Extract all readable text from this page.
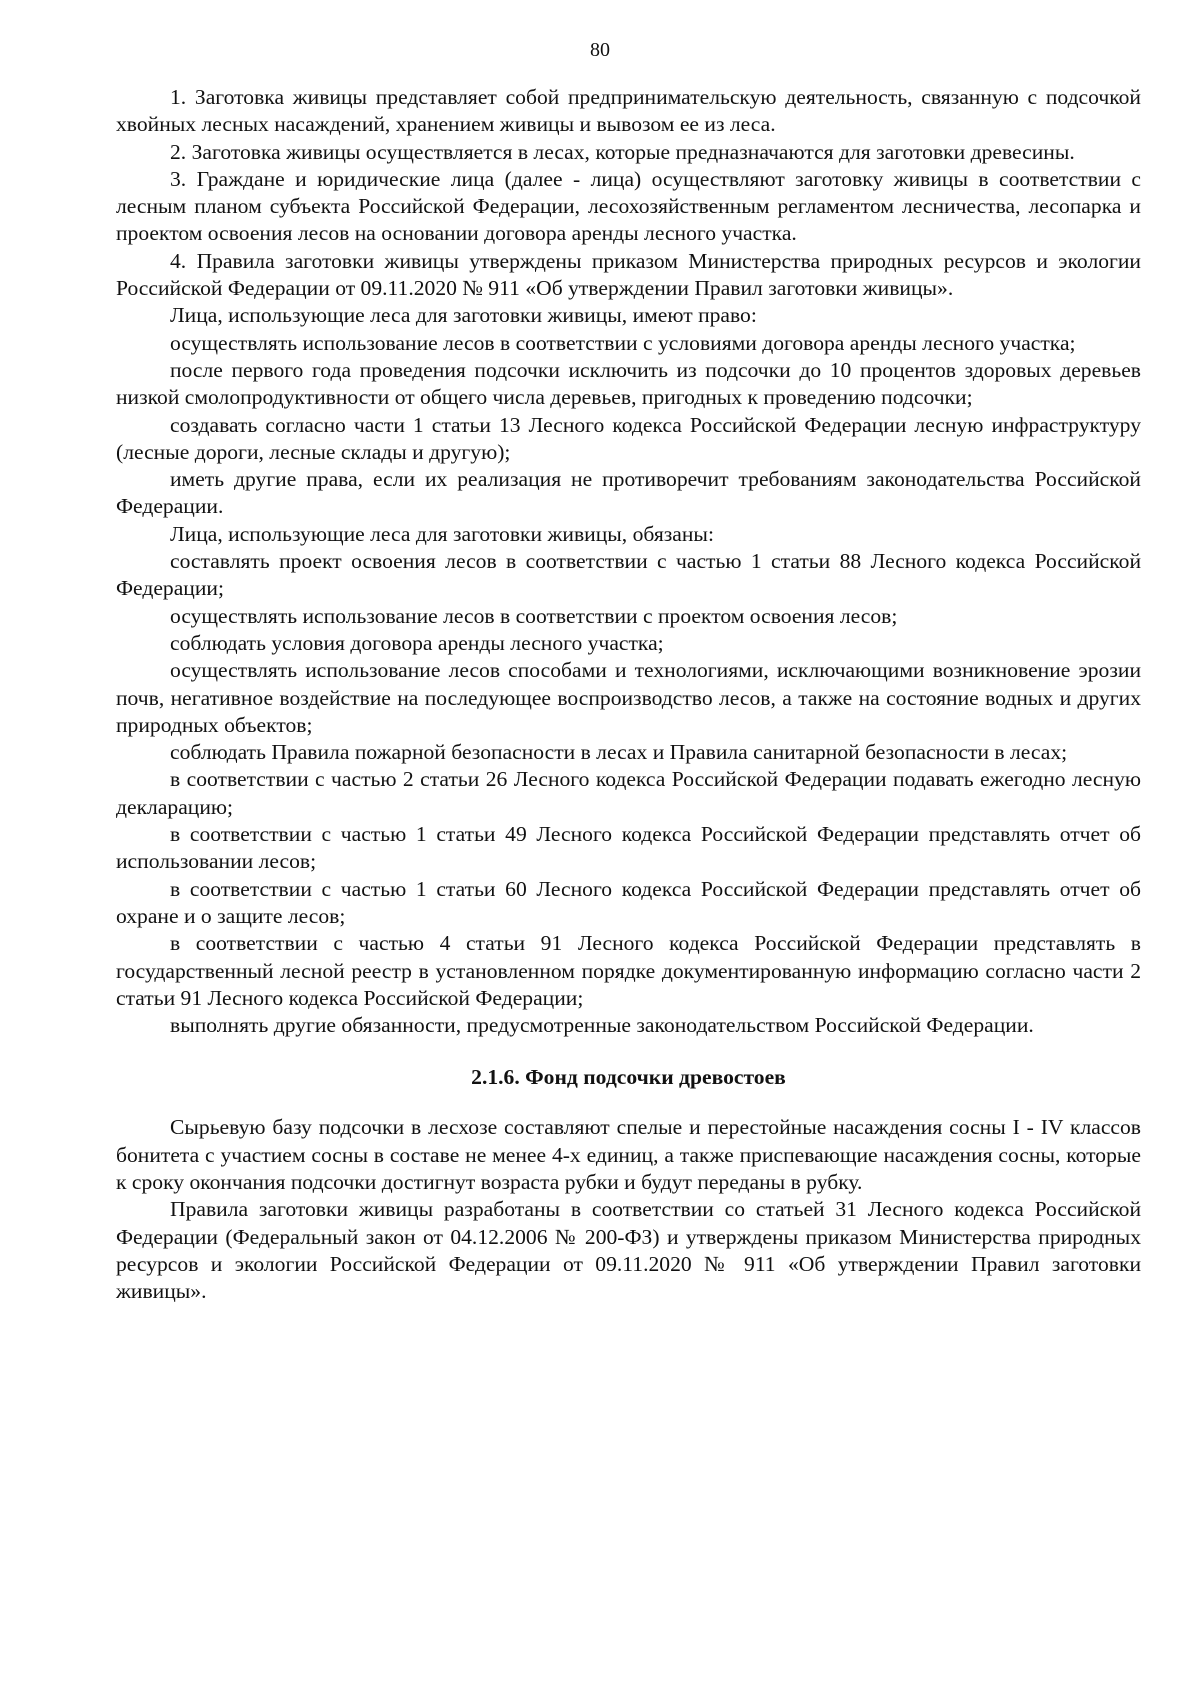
80

1. Заготовка живицы представляет собой предпринимательскую деятельность, связанную с подсочкой хвойных лесных насаждений, хранением живицы и вывозом ее из леса.

2. Заготовка живицы осуществляется в лесах, которые предназначаются для заготовки древесины.

3. Граждане и юридические лица (далее - лица) осуществляют заготовку живицы в соответствии с лесным планом субъекта Российской Федерации, лесохозяйственным регламентом лесничества, лесопарка и проектом освоения лесов на основании договора аренды лесного участка.

4. Правила заготовки живицы утверждены приказом Министерства природных ресурсов и экологии Российской Федерации от 09.11.2020 № 911 «Об утверждении Правил заготовки живицы».

Лица, использующие леса для заготовки живицы, имеют право:

осуществлять использование лесов в соответствии с условиями договора аренды лесного участка;

после первого года проведения подсочки исключить из подсочки до 10 процентов здоровых деревьев низкой смолопродуктивности от общего числа деревьев, пригодных к проведению подсочки;

создавать согласно части 1 статьи 13 Лесного кодекса Российской Федерации лесную инфраструктуру (лесные дороги, лесные склады и другую);

иметь другие права, если их реализация не противоречит требованиям законодательства Российской Федерации.

Лица, использующие леса для заготовки живицы, обязаны:

составлять проект освоения лесов в соответствии с частью 1 статьи 88 Лесного кодекса Российской Федерации;

осуществлять использование лесов в соответствии с проектом освоения лесов;

соблюдать условия договора аренды лесного участка;

осуществлять использование лесов способами и технологиями, исключающими возникновение эрозии почв, негативное воздействие на последующее воспроизводство лесов, а также на состояние водных и других природных объектов;

соблюдать Правила пожарной безопасности в лесах и Правила санитарной безопасности в лесах;

в соответствии с частью 2 статьи 26 Лесного кодекса Российской Федерации подавать ежегодно лесную декларацию;

в соответствии с частью 1 статьи 49 Лесного кодекса Российской Федерации представлять отчет об использовании лесов;

в соответствии с частью 1 статьи 60 Лесного кодекса Российской Федерации представлять отчет об охране и о защите лесов;

в соответствии с частью 4 статьи 91 Лесного кодекса Российской Федерации представлять в государственный лесной реестр в установленном порядке документированную информацию согласно части 2 статьи 91 Лесного кодекса Российской Федерации;

выполнять другие обязанности, предусмотренные законодательством Российской Федерации.

2.1.6. Фонд подсочки древостоев

Сырьевую базу подсочки в лесхозе составляют спелые и перестойные насаждения сосны I - IV классов бонитета с участием сосны в составе не менее 4-х единиц, а также приспевающие насаждения сосны, которые к сроку окончания подсочки достигнут возраста рубки и будут переданы в рубку.

Правила заготовки живицы разработаны в соответствии со статьей 31 Лесного кодекса Российской Федерации (Федеральный закон от 04.12.2006 № 200-ФЗ) и утверждены приказом Министерства природных ресурсов и экологии Российской Федерации от 09.11.2020 № 911 «Об утверждении Правил заготовки живицы».
